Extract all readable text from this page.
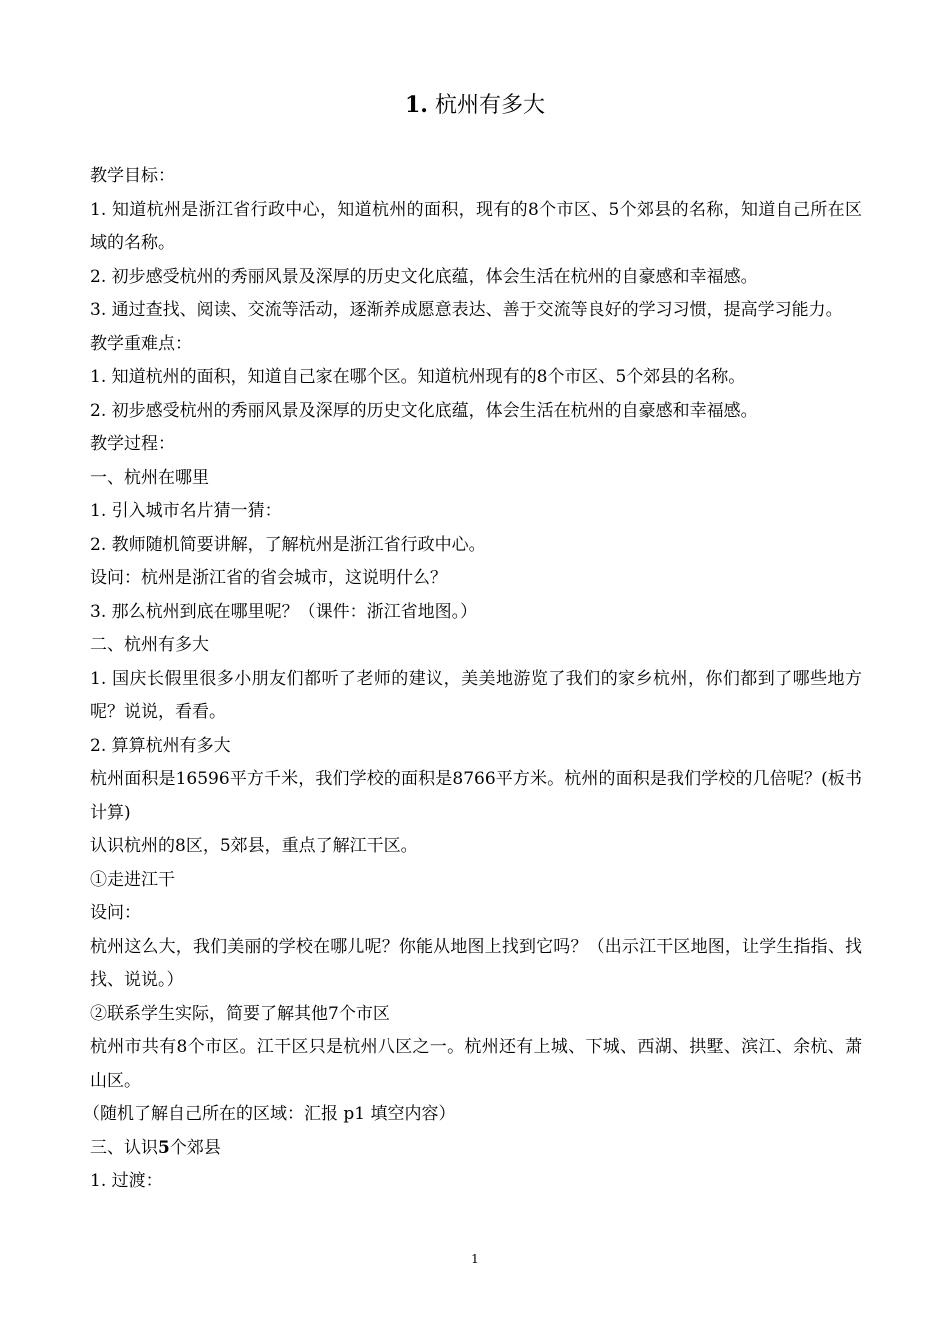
1. 杭州有多大

教学目标：

1. 知道杭州是浙江省行政中心，知道杭州的面积，现有的8个市区、5个郊县的名称，知道自己所在区域的名称。

2. 初步感受杭州的秀丽风景及深厚的历史文化底蕴，体会生活在杭州的自豪感和幸福感。

3. 通过查找、阅读、交流等活动，逐渐养成愿意表达、善于交流等良好的学习习惯，提高学习能力。

教学重难点：

1. 知道杭州的面积，知道自己家在哪个区。知道杭州现有的8个市区、5个郊县的名称。

2. 初步感受杭州的秀丽风景及深厚的历史文化底蕴，体会生活在杭州的自豪感和幸福感。

教学过程：

一、杭州在哪里

1. 引入城市名片猜一猜：

2. 教师随机简要讲解，了解杭州是浙江省行政中心。

设问：杭州是浙江省的省会城市，这说明什么？

3. 那么杭州到底在哪里呢？（课件：浙江省地图。）

二、杭州有多大

1. 国庆长假里很多小朋友们都听了老师的建议，美美地游览了我们的家乡杭州，你们都到了哪些地方呢？说说，看看。

2. 算算杭州有多大

杭州面积是16596平方千米，我们学校的面积是8766平方米。杭州的面积是我们学校的几倍呢？(板书计算)

认识杭州的8区，5郊县，重点了解江干区。

①走进江干

设问：

杭州这么大，我们美丽的学校在哪儿呢？你能从地图上找到它吗？（出示江干区地图，让学生指指、找找、说说。）

②联系学生实际，简要了解其他7个市区

杭州市共有8个市区。江干区只是杭州八区之一。杭州还有上城、下城、西湖、拱墅、滨江、余杭、萧山区。

（随机了解自己所在的区域：汇报 p1 填空内容）

三、认识5个郊县

1. 过渡：

1
